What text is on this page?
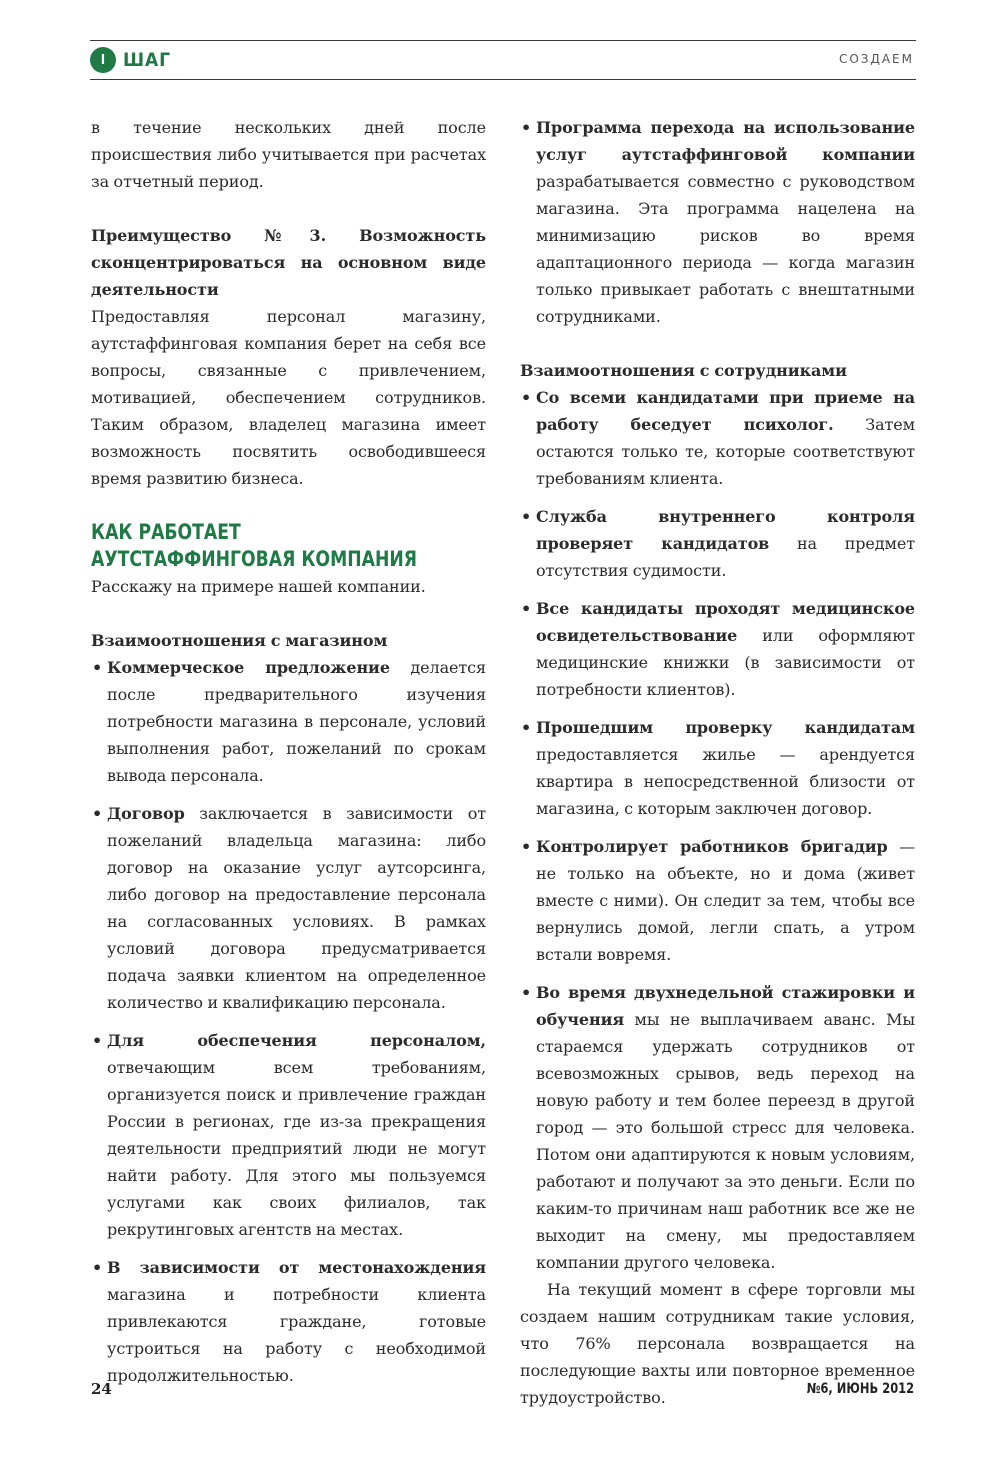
I ШАГ	СОЗДАЕМ

в течение нескольких дней после происшествия либо учитывается при расчетах за отчетный период.

Преимущество №3. Возможность сконцентрироваться на основном виде деятельности

Предоставляя персонал магазину, аутстаффинговая компания берет на себя все вопросы, связанные с привлечением, мотивацией, обеспечением сотрудников. Таким образом, владелец магазина имеет возможность посвятить освободившееся время развитию бизнеса.

КАК РАБОТАЕТ
АУТСТАФФИНГОВАЯ КОМПАНИЯ

Расскажу на примере нашей компании.

Взаимоотношения с магазином

• Коммерческое предложение делается после предварительного изучения потребности магазина в персонале, условий выполнения работ, пожеланий по срокам вывода персонала.

• Договор заключается в зависимости от пожеланий владельца магазина: либо договор на оказание услуг аутсорсинга, либо договор на предоставление персонала на согласованных условиях. В рамках условий договора предусматривается подача заявки клиентом на определенное количество и квалификацию персонала.

• Для обеспечения персоналом, отвечающим всем требованиям, организуется поиск и привлечение граждан России в регионах, где из-за прекращения деятельности предприятий люди не могут найти работу. Для этого мы пользуемся услугами как своих филиалов, так рекрутинговых агентств на местах.

• В зависимости от местонахождения магазина и потребности клиента привлекаются граждане, готовые устроиться на работу с необходимой продолжительностью.

• Программа перехода на использование услуг аутстаффинговой компании разрабатывается совместно с руководством магазина. Эта программа нацелена на минимизацию рисков во время адаптационного периода — когда магазин только привыкает работать с внештатными сотрудниками.

Взаимоотношения с сотрудниками

• Со всеми кандидатами при приеме на работу беседует психолог. Затем остаются только те, которые соответствуют требованиям клиента.

• Служба внутреннего контроля проверяет кандидатов на предмет отсутствия судимости.

• Все кандидаты проходят медицинское освидетельствование или оформляют медицинские книжки (в зависимости от потребности клиентов).

• Прошедшим проверку кандидатам предоставляется жилье — арендуется квартира в непосредственной близости от магазина, с которым заключен договор.

• Контролирует работников бригадир — не только на объекте, но и дома (живет вместе с ними). Он следит за тем, чтобы все вернулись домой, легли спать, а утром встали вовремя.

• Во время двухнедельной стажировки и обучения мы не выплачиваем аванс. Мы стараемся удержать сотрудников от всевозможных срывов, ведь переход на новую работу и тем более переезд в другой город — это большой стресс для человека. Потом они адаптируются к новым условиям, работают и получают за это деньги. Если по каким-то причинам наш работник все же не выходит на смену, мы предоставляем компании другого человека.

На текущий момент в сфере торговли мы создаем нашим сотрудникам такие условия, что 76% персонала возвращается на последующие вахты или повторное временное трудоустройство.

24	№6, ИЮНЬ 2012
